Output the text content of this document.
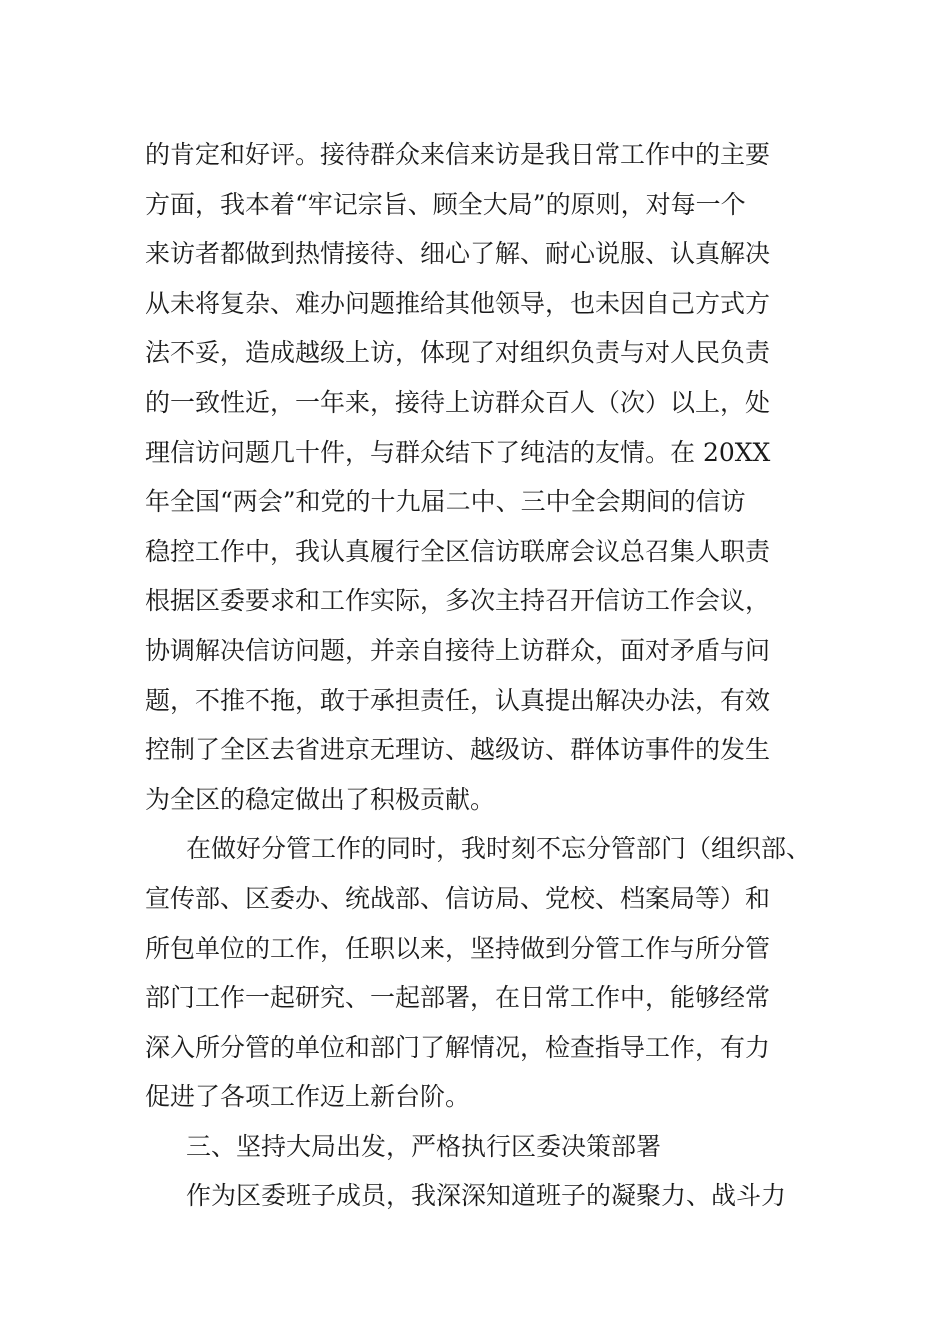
的肯定和好评。接待群众来信来访是我日常工作中的主要
方面，我本着“牢记宗旨、顾全大局”的原则，对每一个
来访者都做到热情接待、细心了解、耐心说服、认真解决
从未将复杂、难办问题推给其他领导，也未因自己方式方
法不妥，造成越级上访，体现了对组织负责与对人民负责
的一致性近，一年来，接待上访群众百人（次）以上，处
理信访问题几十件，与群众结下了纯洁的友情。在 20XX
年全国“两会”和党的十九届二中、三中全会期间的信访
稳控工作中，我认真履行全区信访联席会议总召集人职责
根据区委要求和工作实际，多次主持召开信访工作会议，
协调解决信访问题，并亲自接待上访群众，面对矛盾与问
题，不推不拖，敢于承担责任，认真提出解决办法，有效
控制了全区去省进京无理访、越级访、群体访事件的发生
为全区的稳定做出了积极贡献。
在做好分管工作的同时，我时刻不忘分管部门（组织部、
宣传部、区委办、统战部、信访局、党校、档案局等）和
所包单位的工作，任职以来，坚持做到分管工作与所分管
部门工作一起研究、一起部署，在日常工作中，能够经常
深入所分管的单位和部门了解情况，检查指导工作，有力
促进了各项工作迈上新台阶。
三、坚持大局出发，严格执行区委决策部署
作为区委班子成员，我深深知道班子的凝聚力、战斗力
